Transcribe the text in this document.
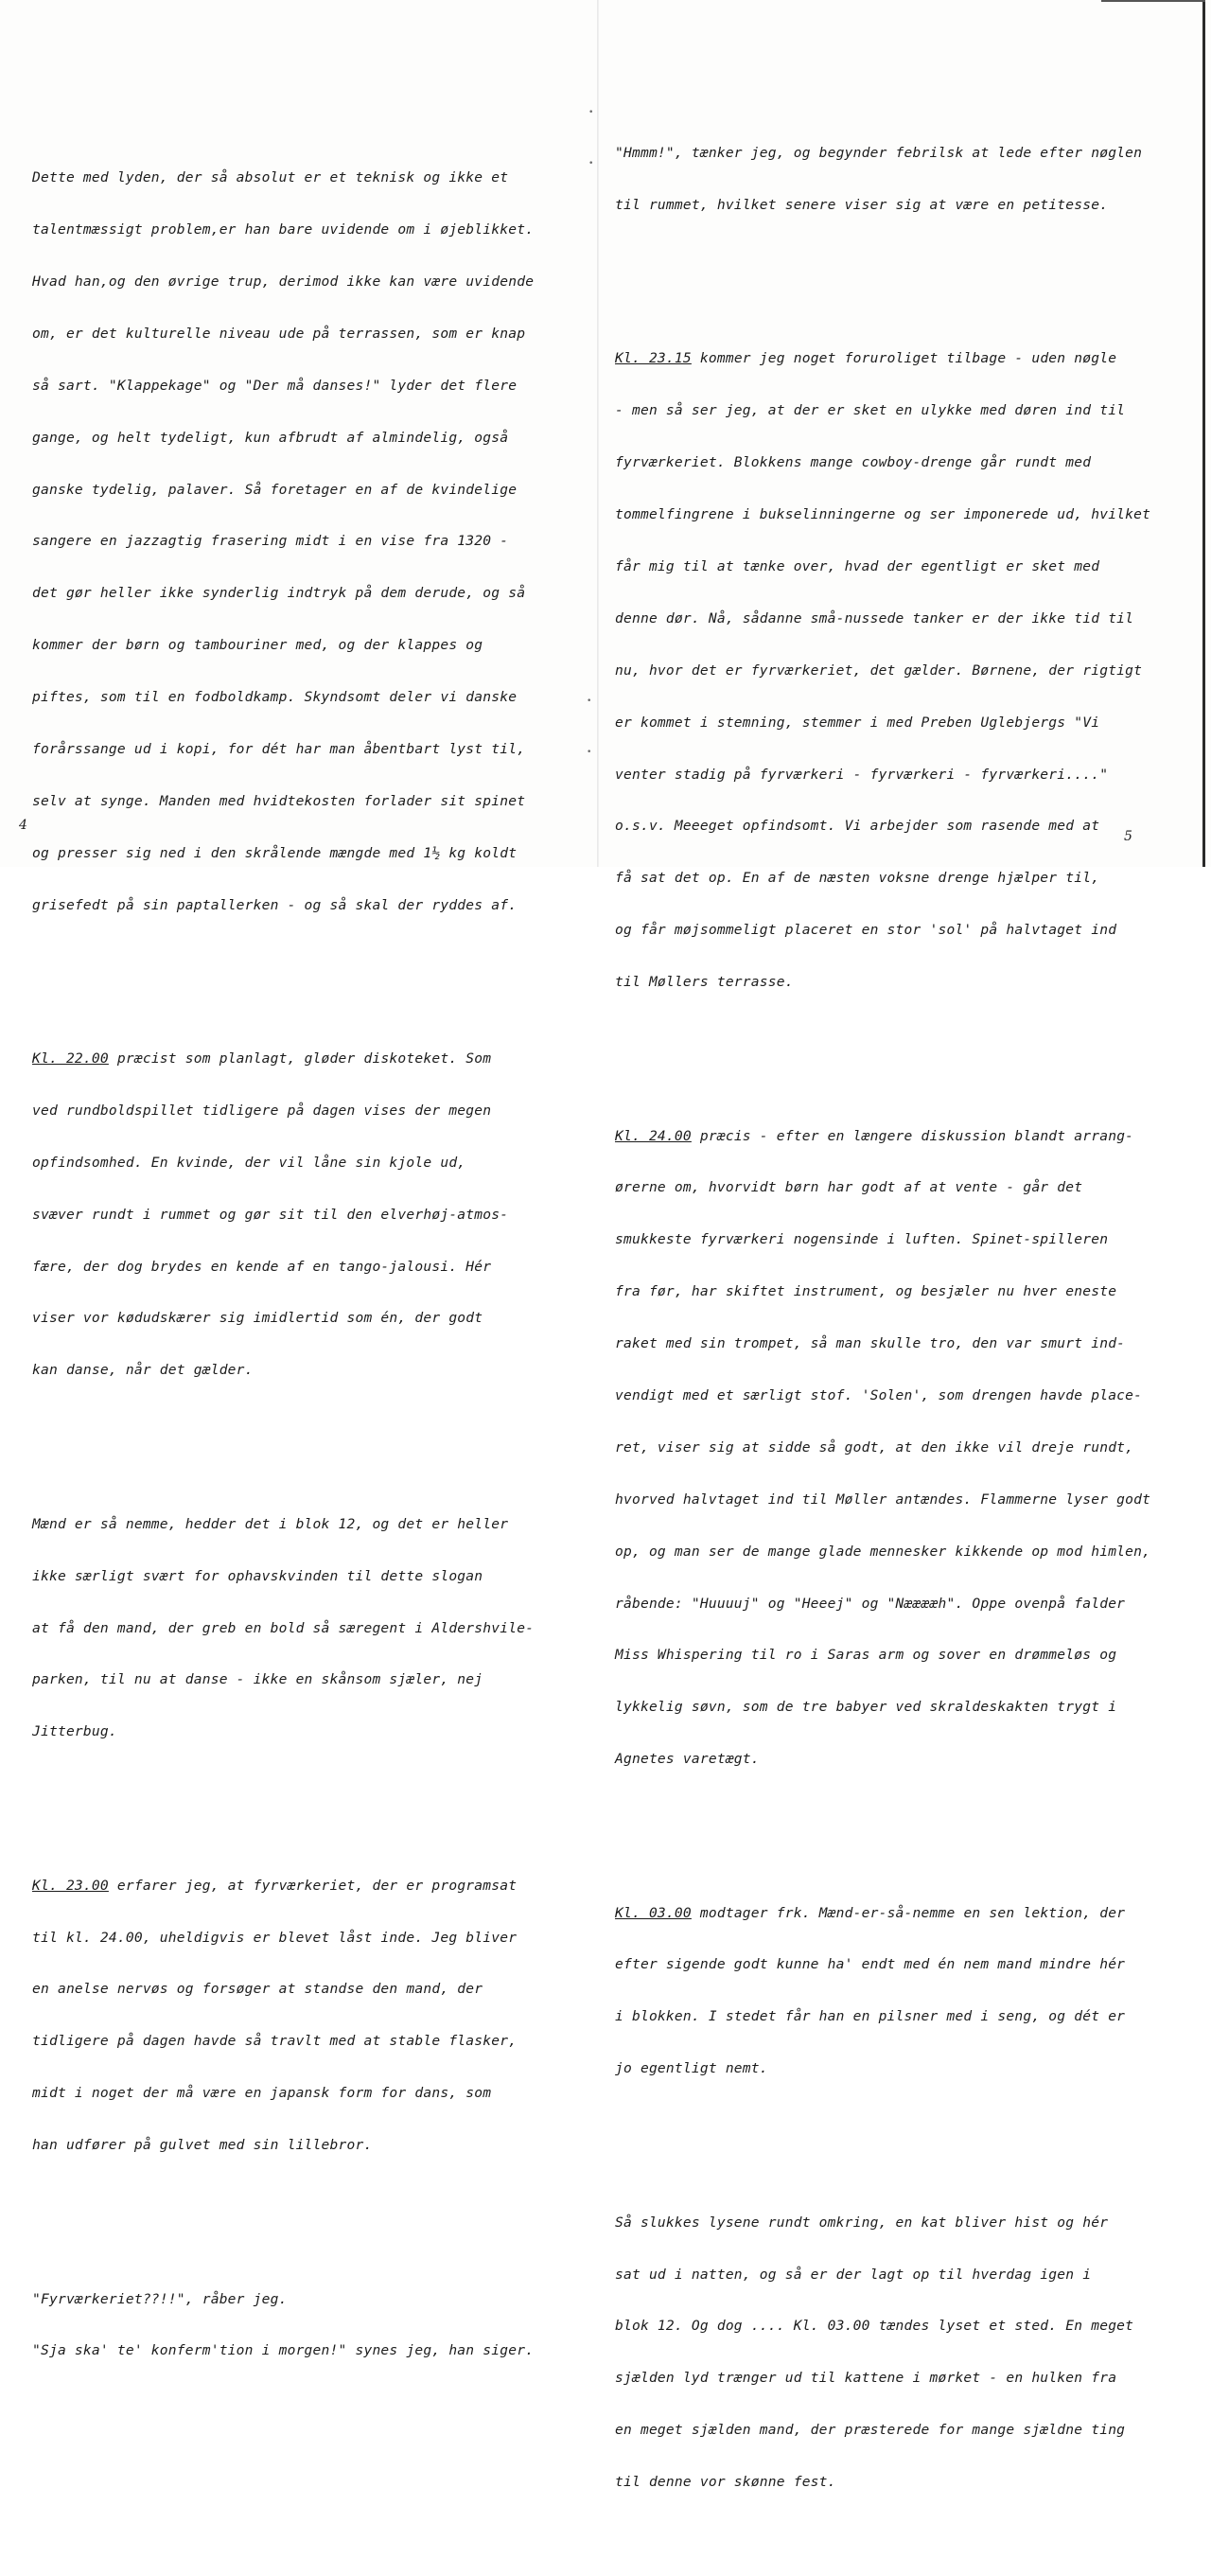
Dette med lyden, der så absolut er et teknisk og ikke et

talentmæssigt problem,er han bare uvidende om i øjeblikket.

Hvad han,og den øvrige trup, derimod ikke kan være uvidende

om, er det kulturelle niveau ude på terrassen, som er knap

så sart. "Klappekage" og "Der må danses!" lyder det flere

gange, og helt tydeligt, kun afbrudt af almindelig, også

ganske tydelig, palaver. Så foretager en af de kvindelige

sangere en jazzagtig frasering midt i en vise fra 1320 -

det gør heller ikke synderlig indtryk på dem derude, og så

kommer der børn og tambouriner med, og der klappes og

piftes, som til en fodboldkamp. Skyndsomt deler vi danske

forårssange ud i kopi, for dét har man åbentbart lyst til,

selv at synge. Manden med hvidtekosten forlader sit spinet

og presser sig ned i den skrålende mængde med 1½ kg koldt

grisefedt på sin paptallerken - og så skal der ryddes af.

Kl. 22.00 præcist som planlagt, gløder diskoteket. Som

ved rundboldspillet tidligere på dagen vises der megen

opfindsomhed. En kvinde, der vil låne sin kjole ud,

svæver rundt i rummet og gør sit til den elverhøj-atmos-

fære, der dog brydes en kende af en tango-jalousi. Hér

viser vor kødudskærer sig imidlertid som én, der godt

kan danse, når det gælder.

Mænd er så nemme, hedder det i blok 12, og det er heller

ikke særligt svært for ophavskvinden til dette slogan

at få den mand, der greb en bold så særegent i Aldershvile-

parken, til nu at danse - ikke en skånsom sjæler, nej

Jitterbug.

Kl. 23.00 erfarer jeg, at fyrværkeriet, der er programsat

til kl. 24.00, uheldigvis er blevet låst inde. Jeg bliver

en anelse nervøs og forsøger at standse den mand, der

tidligere på dagen havde så travlt med at stable flasker,

midt i noget der må være en japansk form for dans, som

han udfører på gulvet med sin lillebror.

"Fyrværkeriet??!!", råber jeg.

"Sja ska' te' konferm'tion i morgen!" synes jeg, han siger.

4
•
•
•
•

"Hmmm!", tænker jeg, og begynder febrilsk at lede efter nøglen

til rummet, hvilket senere viser sig at være en petitesse.

Kl. 23.15 kommer jeg noget foruroliget tilbage - uden nøgle

- men så ser jeg, at der er sket en ulykke med døren ind til

fyrværkeriet. Blokkens mange cowboy-drenge går rundt med

tommelfingrene i bukselinningerne og ser imponerede ud, hvilket

får mig til at tænke over, hvad der egentligt er sket med

denne dør. Nå, sådanne små-nussede tanker er der ikke tid til

nu, hvor det er fyrværkeriet, det gælder. Børnene, der rigtigt

er kommet i stemning, stemmer i med Preben Uglebjergs "Vi

venter stadig på fyrværkeri - fyrværkeri - fyrværkeri...."

o.s.v. Meeeget opfindsomt. Vi arbejder som rasende med at

få sat det op. En af de næsten voksne drenge hjælper til,

og får møjsommeligt placeret en stor 'sol' på halvtaget ind

til Møllers terrasse.

Kl. 24.00 præcis - efter en længere diskussion blandt arrang-

ørerne om, hvorvidt børn har godt af at vente - går det

smukkeste fyrværkeri nogensinde i luften. Spinet-spilleren

fra før, har skiftet instrument, og besjæler nu hver eneste

raket med sin trompet, så man skulle tro, den var smurt ind-

vendigt med et særligt stof. 'Solen', som drengen havde place-

ret, viser sig at sidde så godt, at den ikke vil dreje rundt,

hvorved halvtaget ind til Møller antændes. Flammerne lyser godt

op, og man ser de mange glade mennesker kikkende op mod himlen,

råbende: "Huuuuj" og "Heeej" og "Nææææh". Oppe ovenpå falder

Miss Whispering til ro i Saras arm og sover en drømmeløs og

lykkelig søvn, som de tre babyer ved skraldeskakten trygt i

Agnetes varetægt.

Kl. 03.00 modtager frk. Mænd-er-så-nemme en sen lektion, der

efter sigende godt kunne ha' endt med én nem mand mindre hér

i blokken. I stedet får han en pilsner med i seng, og dét er

jo egentligt nemt.

Så slukkes lysene rundt omkring, en kat bliver hist og hér

sat ud i natten, og så er der lagt op til hverdag igen i

blok 12. Og dog .... Kl. 03.00 tændes lyset et sted. En meget

sjælden lyd trænger ud til kattene i mørket - en hulken fra

en meget sjælden mand, der præsterede for mange sjældne ting

til denne vor skønne fest.

5
